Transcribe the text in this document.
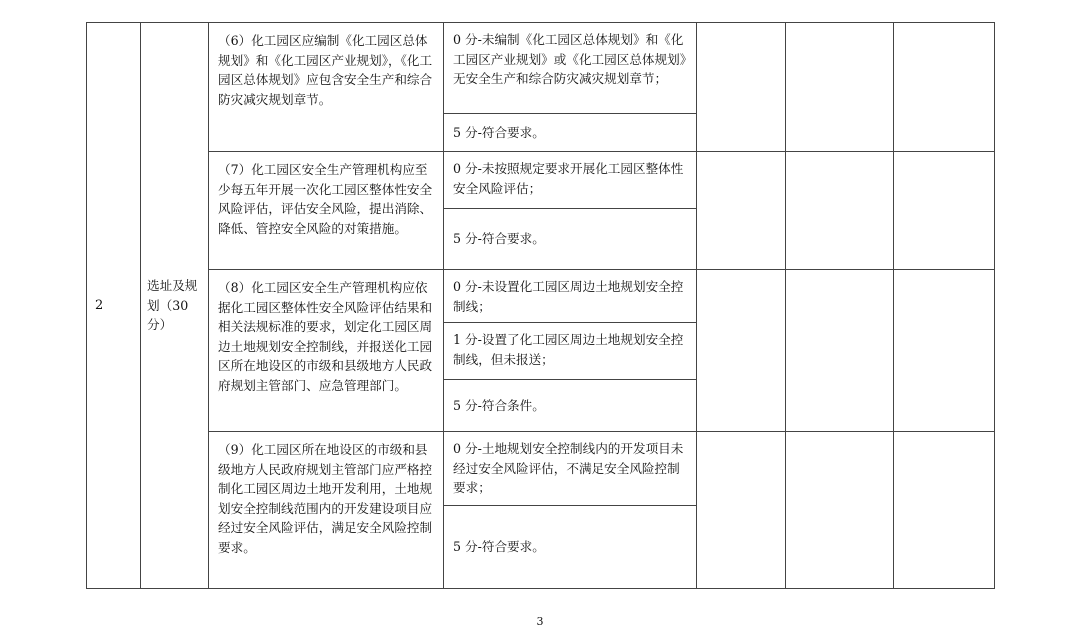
2	选址及规划（30分）	（6）化工园区应编制《化工园区总体规划》和《化工园区产业规划》，《化工园区总体规划》应包含安全生产和综合防灾减灾规划章节。	0 分-未编制《化工园区总体规划》和《化工园区产业规划》或《化工园区总体规划》无安全生产和综合防灾减灾规划章节；			
			5 分-符合要求。			
		（7）化工园区安全生产管理机构应至少每五年开展一次化工园区整体性安全风险评估，评估安全风险，提出消除、降低、管控安全风险的对策措施。	0 分-未按照规定要求开展化工园区整体性安全风险评估；			
			5 分-符合要求。			
		（8）化工园区安全生产管理机构应依据化工园区整体性安全风险评估结果和相关法规标准的要求，划定化工园区周边土地规划安全控制线，并报送化工园区所在地设区的市级和县级地方人民政府规划主管部门、应急管理部门。	0 分-未设置化工园区周边土地规划安全控制线；			
			1 分-设置了化工园区周边土地规划安全控制线，但未报送；			
			5 分-符合条件。			
		（9）化工园区所在地设区的市级和县级地方人民政府规划主管部门应严格控制化工园区周边土地开发利用，土地规划安全控制线范围内的开发建设项目应经过安全风险评估，满足安全风险控制要求。	0 分-土地规划安全控制线内的开发项目未经过安全风险评估，不满足安全风险控制要求；			
			5 分-符合要求。			
3
